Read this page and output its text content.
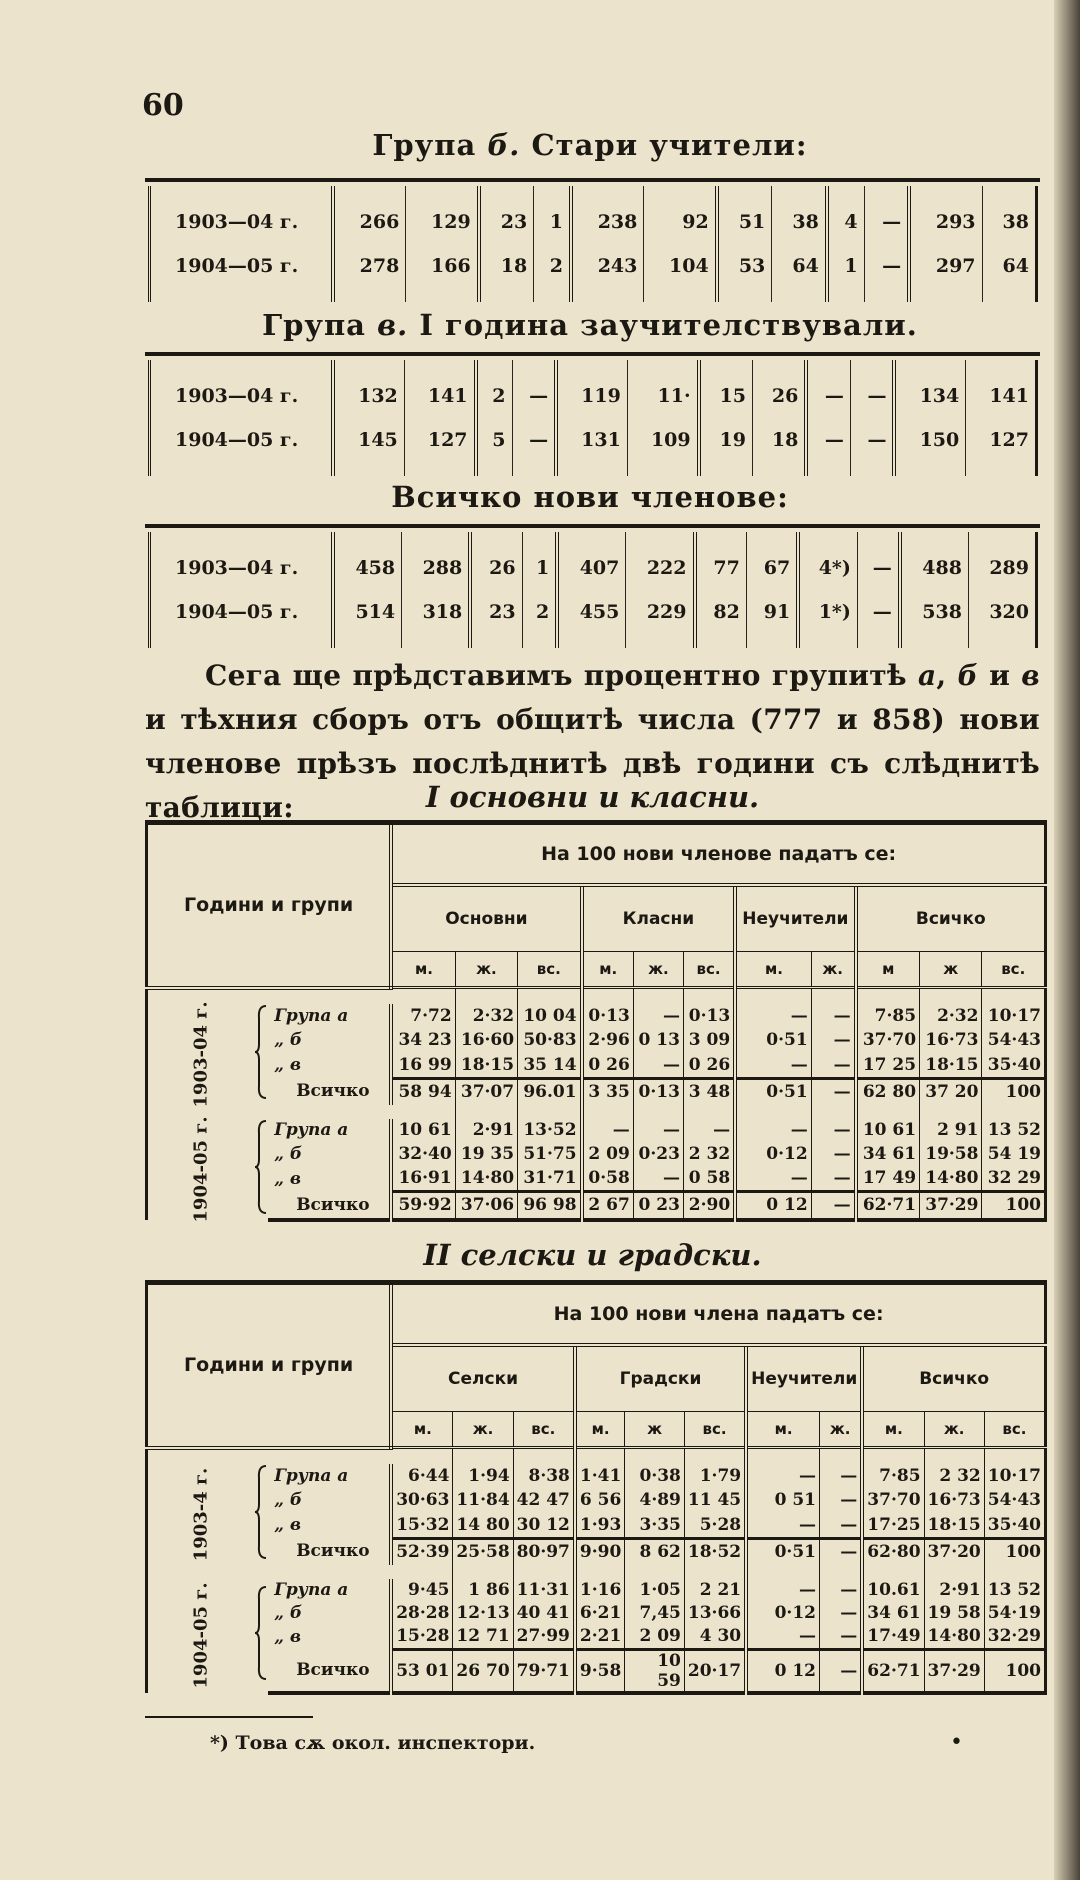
60
Група б. Стари учители:
1903—04 г.	266	129	23	1	238	92	51	38	4	—	293	38
1904—05 г.	278	166	18	2	243	104	53	64	1	—	297	64
Група в. I година заучителствували.
1903—04 г.	132	141	2	—	119	11·	15	26	—	—	134	141
1904—05 г.	145	127	5	—	131	109	19	18	—	—	150	127
Всичко нови членове:
1903—04 г.	458	288	26	1	407	222	77	67	4*)	—	488	289
1904—05 г.	514	318	23	2	455	229	82	91	1*)	—	538	320
Сега ще прѣдставимъ процентно групитѣ а, б и в и тѣхния сборъ отъ общитѣ числа (777 и 858) нови членове прѣзъ послѣднитѣ двѣ години съ слѣднитѣ таблици:	I основни и класни.
Години и групи			На 100 нови членове падатъ се:										
			Основни			Класни			Неучители		Всичко		
			м.	ж.	вс.	м.	ж.	вс.	м.	ж.	м	ж	вс.

1903-04 г.		Група а	7·72	2·32	10 04	0·13	—	0·13	—	—	7·85	2·32	10·17
		„ б	34 23	16·60	50·83	2·96	0 13	3 09	0·51	—	37·70	16·73	54·43
		„ в	16 99	18·15	35 14	0 26	—	0 26	—	—	17 25	18·15	35·40
		Всичко	58 94	37·07	96.01	3 35	0·13	3 48	0·51	—	62 80	37 20	100

1904-05 г.		Група а	10 61	2·91	13·52	—	—	—	—	—	10 61	2 91	13 52
		„ б	32·40	19 35	51·75	2 09	0·23	2 32	0·12	—	34 61	19·58	54 19
		„ в	16·91	14·80	31·71	0·58	—	0 58	—	—	17 49	14·80	32 29
		Всичко	59·92	37·06	96 98	2 67	0 23	2·90	0 12	—	62·71	37·29	100
II селски и градски.
Години и групи			На 100 нови члена падатъ се:										
			Селски			Градски			Неучители		Всичко		
			м.	ж.	вс.	м.	ж	вс.	м.	ж.	м.	ж.	вс.

1903-4 г.		Група а	6·44	1·94	8·38	1·41	0·38	1·79	—	—	7·85	2 32	10·17
		„ б	30·63	11·84	42 47	6 56	4·89	11 45	0 51	—	37·70	16·73	54·43
		„ в	15·32	14 80	30 12	1·93	3·35	5·28	—	—	17·25	18·15	35·40
		Всичко	52·39	25·58	80·97	9·90	8 62	18·52	0·51	—	62·80	37·20	100

1904-05 г.		Група а	9·45	1 86	11·31	1·16	1·05	2 21	—	—	10.61	2·91	13 52
		„ б	28·28	12·13	40 41	6·21	7,45	13·66	0·12	—	34 61	19 58	54·19
		„ в	15·28	12 71	27·99	2·21	2 09	4 30	—	—	17·49	14·80	32·29
		Всичко	53 01	26 70	79·71	9·58	10 59	20·17	0 12	—	62·71	37·29	100
*) Това сѫ окол. инспектори.	•
